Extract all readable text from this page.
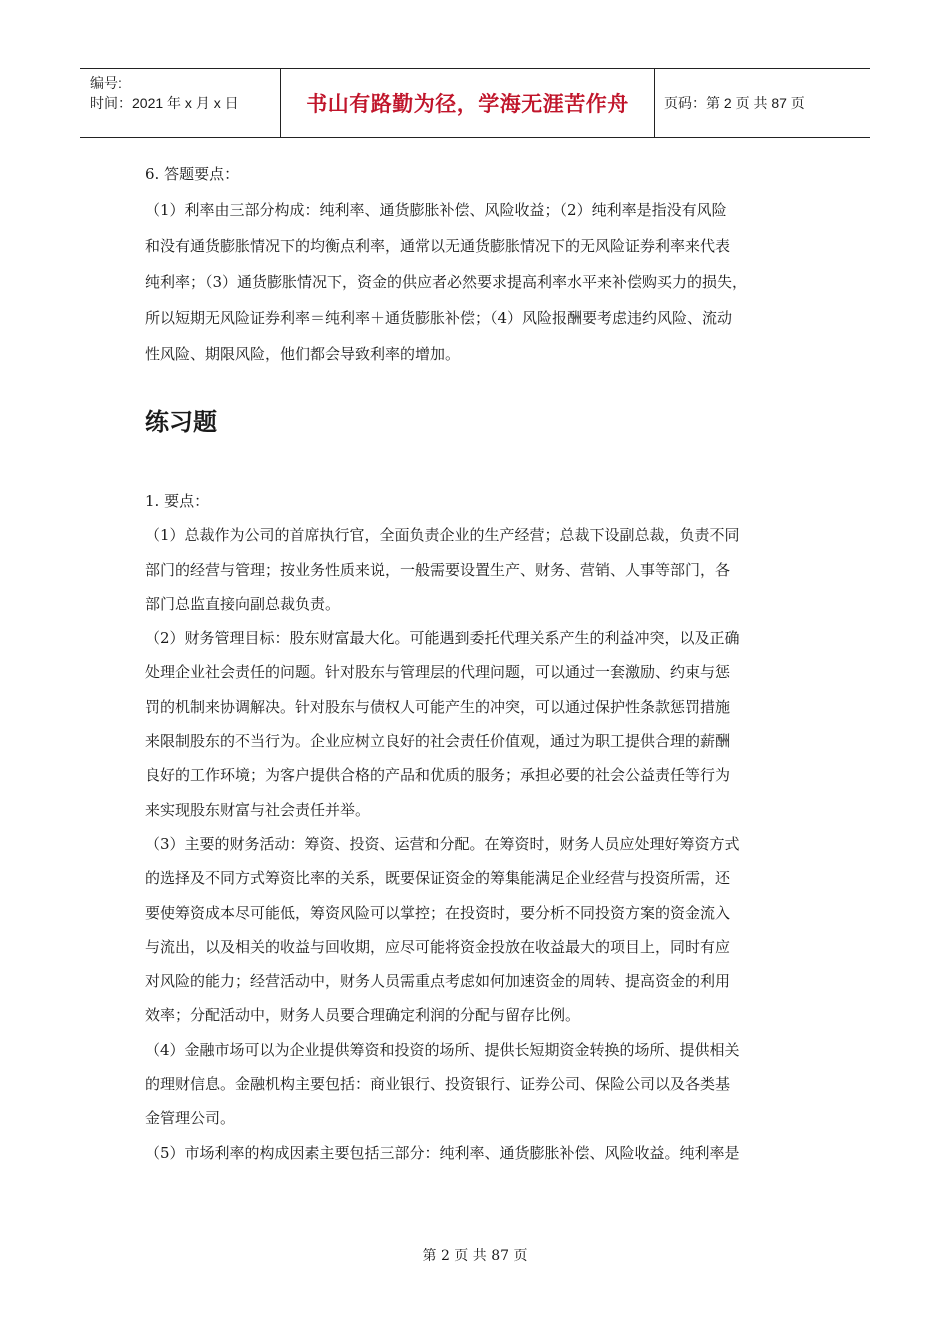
编号:
时间：2021 年 x 月 x 日	书山有路勤为径，学海无涯苦作舟	页码：第 2 页 共 87 页
6. 答题要点：
（1）利率由三部分构成：纯利率、通货膨胀补偿、风险收益；（2）纯利率是指没有风险
和没有通货膨胀情况下的均衡点利率，通常以无通货膨胀情况下的无风险证券利率来代表
纯利率；（3）通货膨胀情况下，资金的供应者必然要求提高利率水平来补偿购买力的损失，
所以短期无风险证券利率＝纯利率＋通货膨胀补偿；（4）风险报酬要考虑违约风险、流动
性风险、期限风险，他们都会导致利率的增加。
练习题
1. 要点：
（1）总裁作为公司的首席执行官，全面负责企业的生产经营；总裁下设副总裁，负责不同
部门的经营与管理；按业务性质来说，一般需要设置生产、财务、营销、人事等部门，各
部门总监直接向副总裁负责。
（2）财务管理目标：股东财富最大化。可能遇到委托代理关系产生的利益冲突，以及正确
处理企业社会责任的问题。针对股东与管理层的代理问题，可以通过一套激励、约束与惩
罚的机制来协调解决。针对股东与债权人可能产生的冲突，可以通过保护性条款惩罚措施
来限制股东的不当行为。企业应树立良好的社会责任价值观，通过为职工提供合理的薪酬
良好的工作环境；为客户提供合格的产品和优质的服务；承担必要的社会公益责任等行为
来实现股东财富与社会责任并举。
（3）主要的财务活动：筹资、投资、运营和分配。在筹资时，财务人员应处理好筹资方式
的选择及不同方式筹资比率的关系，既要保证资金的筹集能满足企业经营与投资所需，还
要使筹资成本尽可能低，筹资风险可以掌控；在投资时，要分析不同投资方案的资金流入
与流出，以及相关的收益与回收期，应尽可能将资金投放在收益最大的项目上，同时有应
对风险的能力；经营活动中，财务人员需重点考虑如何加速资金的周转、提高资金的利用
效率；分配活动中，财务人员要合理确定利润的分配与留存比例。
（4）金融市场可以为企业提供筹资和投资的场所、提供长短期资金转换的场所、提供相关
的理财信息。金融机构主要包括：商业银行、投资银行、证券公司、保险公司以及各类基
金管理公司。
（5）市场利率的构成因素主要包括三部分：纯利率、通货膨胀补偿、风险收益。纯利率是
第 2 页 共 87 页
